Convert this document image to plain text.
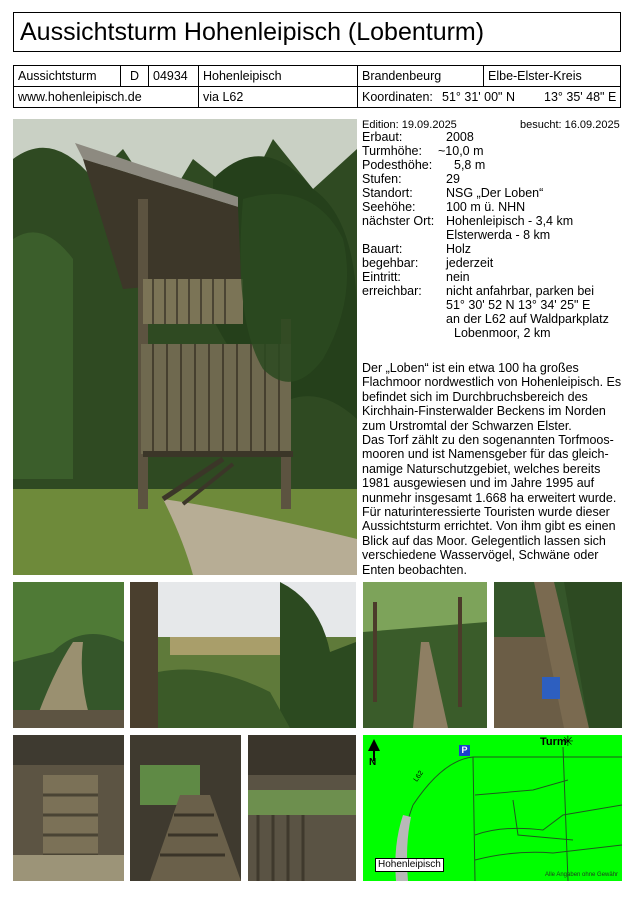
Aussichtsturm Hohenleipisch (Lobenturm)
Aussichtsturm	D	04934	Hohenleipisch	Brandenbeurg	Elbe-Elster-Kreis
www.hohenleipisch.de	via L62	Koordinaten: 51° 31' 00" N 13° 35' 48" E
Edition: 19.09.2025	besucht: 16.09.2025
Erbaut:	2008
Turmhöhe: ~10,0 m
Podesthöhe: 5,8 m
Stufen:	29
Standort:	NSG „Der Loben“
Seehöhe: 100 m ü. NHN
nächster Ort: Hohenleipisch - 3,4 km
Elsterwerda - 8 km
Bauart:	Holz
begehbar: jederzeit
Eintritt:	nein
erreichbar: nicht anfahrbar, parken bei
51° 30' 52 N 13° 34' 25" E
an der L62 auf Waldparkplatz
Lobenmoor, 2 km

Der „Loben“ ist ein etwa 100 ha großes Flachmoor nordwestlich von Hohenleipisch. Es befindet sich im Durchbruchsbereich des Kirchhain-Finsterwalder Beckens im Norden zum Urstromtal der Schwarzen Elster.

Das Torf zählt zu den sogenannten Torfmoos-mooren und ist Namensgeber für das gleich-namige Naturschutzgebiet, welches bereits 1981 ausgewiesen und im Jahre 1995 auf nunmehr insgesamt 1.668 ha erweitert wurde. Für naturinteressierte Touristen wurde dieser Aussichtsturm errichtet. Von ihm gibt es einen Blick auf das Moor. Gelegentlich lassen sich verschiedene Wasservögel, Schwäne oder Enten beobachten.

N
P
Turm
✳
L62
Hohenleipisch
Alle Angaben ohne Gewähr
